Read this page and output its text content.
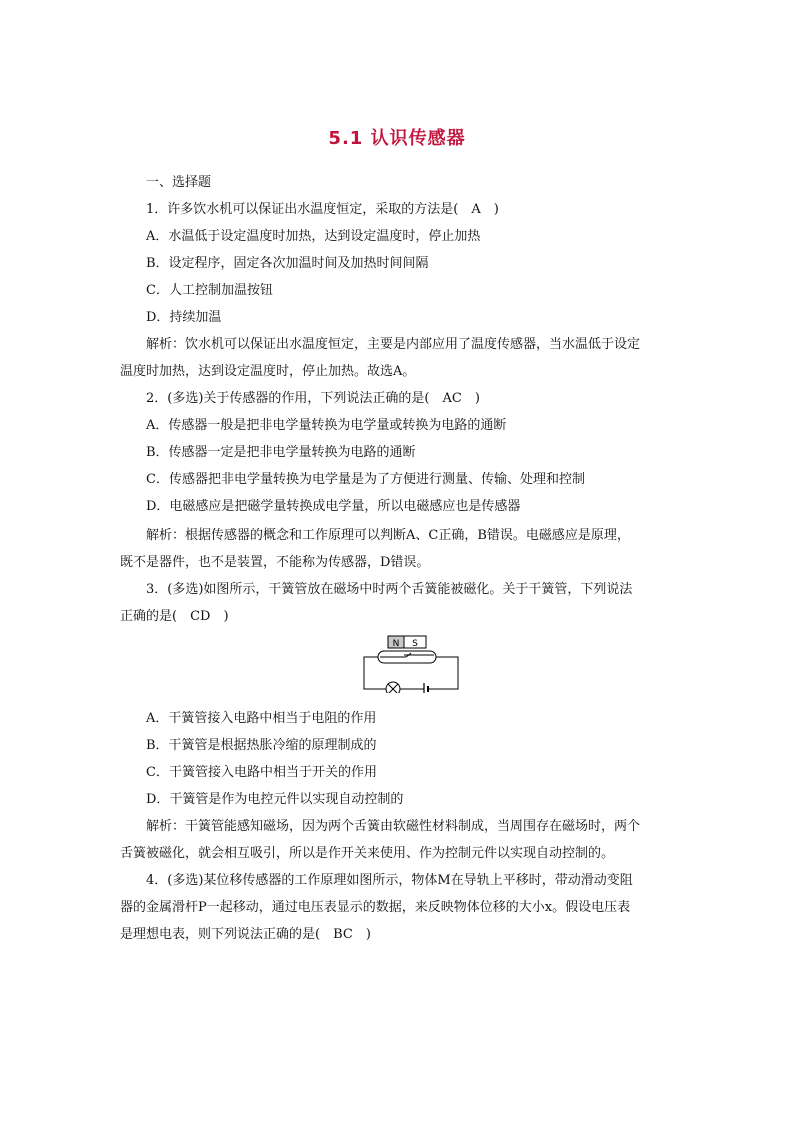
5.1 认识传感器
一、选择题
1．许多饮水机可以保证出水温度恒定，采取的方法是(　A　)
A．水温低于设定温度时加热，达到设定温度时，停止加热
B．设定程序，固定各次加温时间及加热时间间隔
C．人工控制加温按钮
D．持续加温
解析：饮水机可以保证出水温度恒定，主要是内部应用了温度传感器，当水温低于设定
温度时加热，达到设定温度时，停止加热。故选A。
2．(多选)关于传感器的作用，下列说法正确的是(　AC　)
A．传感器一般是把非电学量转换为电学量或转换为电路的通断
B．传感器一定是把非电学量转换为电路的通断
C．传感器把非电学量转换为电学量是为了方便进行测量、传输、处理和控制
D．电磁感应是把磁学量转换成电学量，所以电磁感应也是传感器
解析：根据传感器的概念和工作原理可以判断A、C正确，B错误。电磁感应是原理，
既不是器件，也不是装置，不能称为传感器，D错误。
3．(多选)如图所示，干簧管放在磁场中时两个舌簧能被磁化。关于干簧管，下列说法
正确的是(　CD　)
N S
A．干簧管接入电路中相当于电阻的作用
B．干簧管是根据热胀冷缩的原理制成的
C．干簧管接入电路中相当于开关的作用
D．干簧管是作为电控元件以实现自动控制的
解析：干簧管能感知磁场，因为两个舌簧由软磁性材料制成，当周围存在磁场时，两个
舌簧被磁化，就会相互吸引，所以是作开关来使用、作为控制元件以实现自动控制的。
4．(多选)某位移传感器的工作原理如图所示，物体M在导轨上平移时，带动滑动变阻
器的金属滑杆P一起移动，通过电压表显示的数据，来反映物体位移的大小x。假设电压表
是理想电表，则下列说法正确的是(　BC　)
